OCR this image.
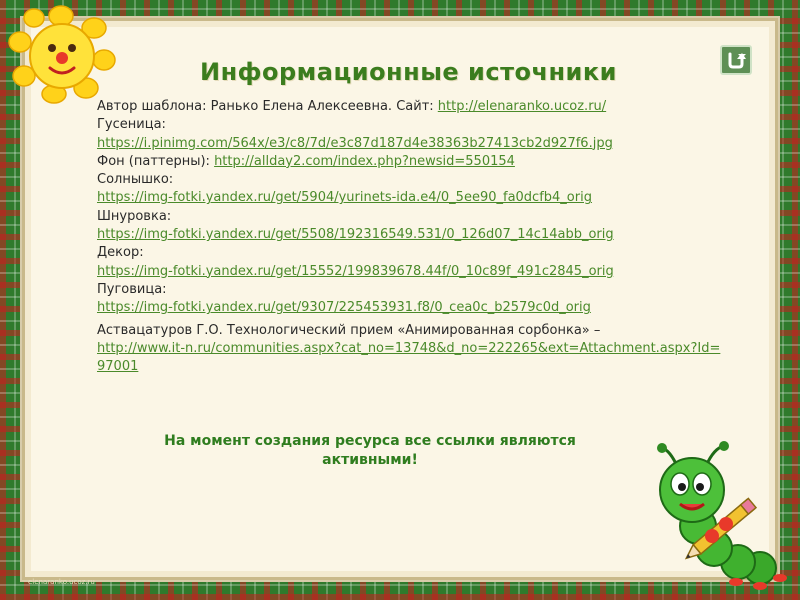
Информационные источники
Автор шаблона: Ранько Елена Алексеевна. Сайт: http://elenaranko.ucoz.ru/
Гусеница:
https://i.pinimg.com/564x/e3/c8/7d/e3c87d187d4e38363b27413cb2d927f6.jpg
Фон (паттерны): http://allday2.com/index.php?newsid=550154
Солнышко:
https://img-fotki.yandex.ru/get/5904/yurinets-ida.e4/0_5ee90_fa0dcfb4_orig
Шнуровка:
https://img-fotki.yandex.ru/get/5508/192316549.531/0_126d07_14c14abb_orig
Декор:
https://img-fotki.yandex.ru/get/15552/199839678.44f/0_10c89f_491c2845_orig
Пуговица:
https://img-fotki.yandex.ru/get/9307/225453931.f8/0_cea0c_b2579c0d_orig
Аствацатуров Г.О. Технологический прием «Анимированная сорбонка» –
http://www.it-n.ru/communities.aspx?cat_no=13748&d_no=222265&ext=Attachment.aspx?Id=97001
На момент создания ресурса все ссылки являются активными!
elenaranko.ucoz.ru
